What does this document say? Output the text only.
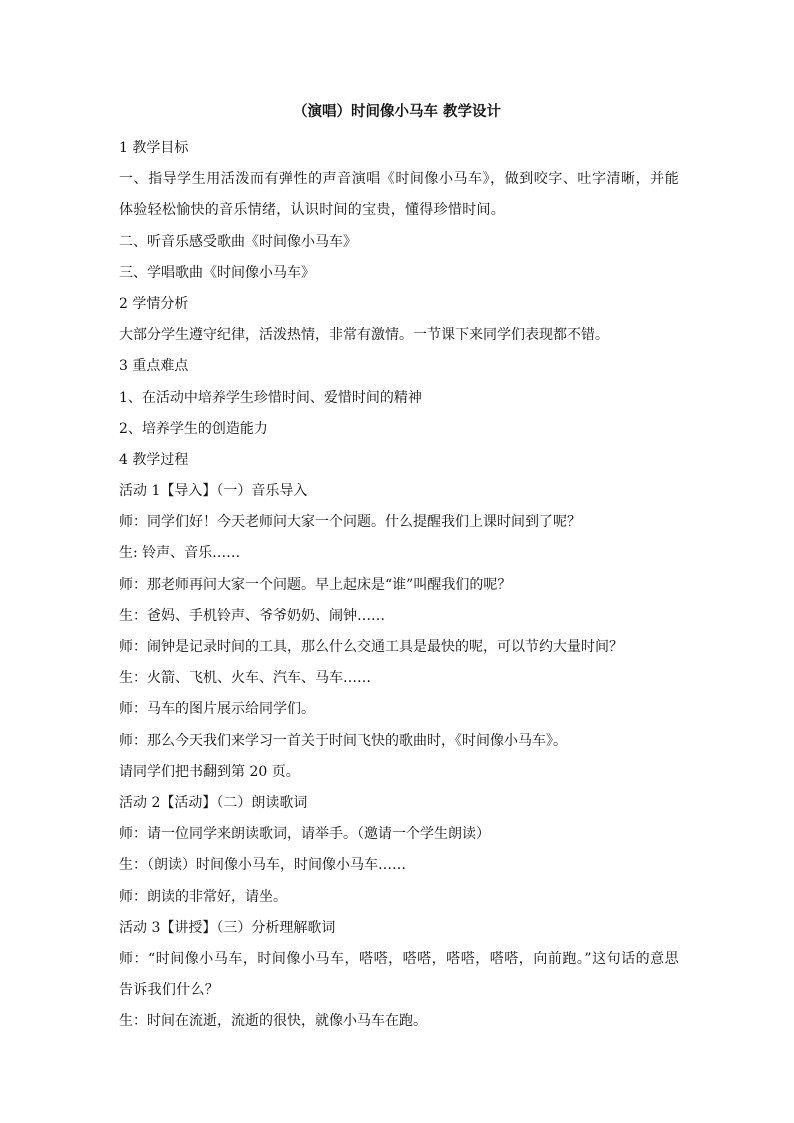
（演唱）时间像小马车 教学设计

1 教学目标

一、指导学生用活泼而有弹性的声音演唱《时间像小马车》，做到咬字、吐字清晰，并能体验轻松愉快的音乐情绪，认识时间的宝贵，懂得珍惜时间。

二、听音乐感受歌曲《时间像小马车》

三、学唱歌曲《时间像小马车》

2 学情分析

大部分学生遵守纪律，活泼热情，非常有激情。一节课下来同学们表现都不错。

3 重点难点

1、在活动中培养学生珍惜时间、爱惜时间的精神

2、培养学生的创造能力

4 教学过程

活动 1【导入】（一）音乐导入

师：同学们好！今天老师问大家一个问题。什么提醒我们上课时间到了呢？

生: 铃声、音乐……

师：那老师再问大家一个问题。早上起床是“谁”叫醒我们的呢？

生：爸妈、手机铃声、爷爷奶奶、闹钟……

师：闹钟是记录时间的工具，那么什么交通工具是最快的呢，可以节约大量时间？

生：火箭、飞机、火车、汽车、马车……

师：马车的图片展示给同学们。

师：那么今天我们来学习一首关于时间飞快的歌曲时，《时间像小马车》。

请同学们把书翻到第 20 页。

活动 2【活动】（二）朗读歌词

师：请一位同学来朗读歌词，请举手。（邀请一个学生朗读）

生：（朗读）时间像小马车，时间像小马车……

师：朗读的非常好，请坐。

活动 3【讲授】（三）分析理解歌词

师：“时间像小马车，时间像小马车，嗒嗒，嗒嗒，嗒嗒，嗒嗒，向前跑。”这句话的意思告诉我们什么？

生：时间在流逝，流逝的很快，就像小马车在跑。
